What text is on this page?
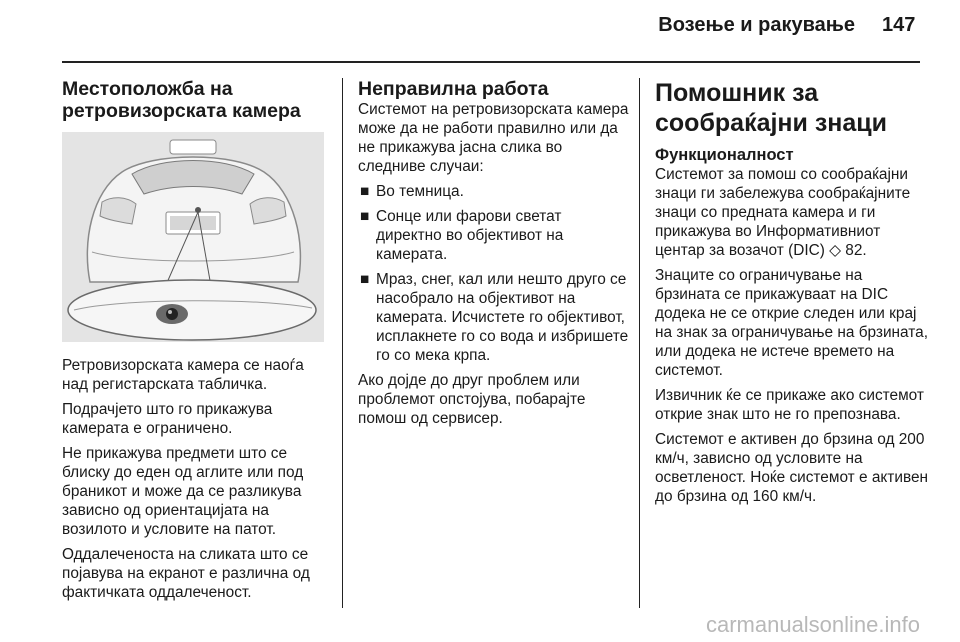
Возење и ракување 147
Местоположба на ретровизорската камера

Ретровизорската камера се наоѓа над регистарската табличка.

Подрачјето што го прикажува камерата е ограничено.

Не прикажува предмети што се блиску до еден од аглите или под браникот и може да се разликува зависно од ориентацијата на возилото и условите на патот.

Оддалеченоста на сликата што се појавува на екранот е различна од фактичката оддалеченост.

Неправилна работа

Системот на ретровизорската камера може да не работи правилно или да не прикажува јасна слика во следниве случаи:

■ Во темница.
■ Сонце или фарови светат директно во објективот на камерата.
■ Мраз, снег, кал или нешто друго се насобрало на објективот на камерата. Исчистете го објективот, исплакнете го со вода и избришете го со мека крпа.

Ако дојде до друг проблем или проблемот опстојува, побарајте помош од сервисер.

Помошник за сообраќајни знаци
Функционалност

Системот за помош со сообраќајни знаци ги забележува сообраќајните знаци со предната камера и ги прикажува во Информативниот центар за возачот (DIC) ◇ 82.

Знаците со ограничување на брзината се прикажуваат на DIC додека не се открие следен или крај на знак за ограничување на брзината, или додека не истече времето на системот.

Извичник ќе се прикаже ако системот открие знак што не го препознава.

Системот е активен до брзина од 200 км/ч, зависно од условите на осветленост. Ноќе системот е активен до брзина од 160 км/ч.

carmanualsonline.info
